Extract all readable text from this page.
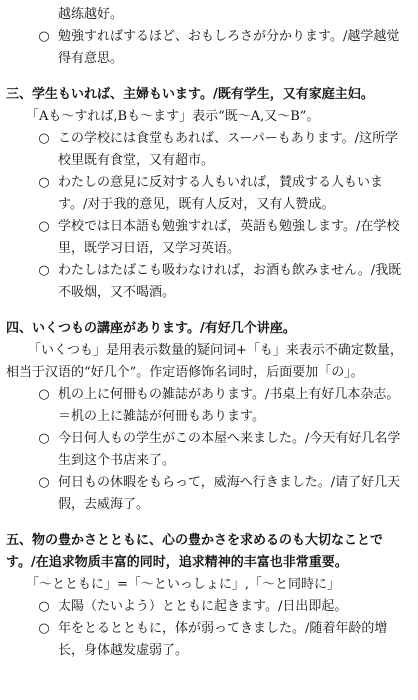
越练越好。
○
勉強すればするほど、おもしろさが分かります。/越学越觉得有意思。
三、学生もいれば、主婦もいます。/既有学生，又有家庭主妇。
「Aも～すれば,Bも～ます」表示“既～A,又～B”。
○
この学校には食堂もあれば、スーパーもあります。/这所学校里既有食堂，又有超市。
○
わたしの意見に反対する人もいれば，賛成する人もいます。/对于我的意见，既有人反对，又有人赞成。
○
学校では日本語も勉強すれば，英語も勉強します。/在学校里，既学习日语，又学习英语。
○
わたしはたばこも吸わなければ，お酒も飲みません。/我既不吸烟，又不喝酒。
四、いくつもの講座があります。/有好几个讲座。
「いくつも」是用表示数量的疑问词+「も」来表示不确定数量，相当于汉语的“好几个”。作定语修饰名词时，后面要加「の」。
○
机の上に何冊もの雑誌があります。/书桌上有好几本杂志。
＝机の上に雑誌が何冊もあります。
○
今日何人もの学生がこの本屋へ来ました。/今天有好几名学生到这个书店来了。
○
何日もの休暇をもらって，威海へ行きました。/请了好几天假，去威海了。
五、物の豊かさとともに、心の豊かさを求めるのも大切なことです。/在追求物质丰富的同时，追求精神的丰富也非常重要。
「～とともに」=「～といっしょに」,「～と同時に」
○
太陽（たいよう）とともに起きます。/日出即起。
○
年をとるとともに，体が弱ってきました。/随着年龄的增长，身体越发虚弱了。
